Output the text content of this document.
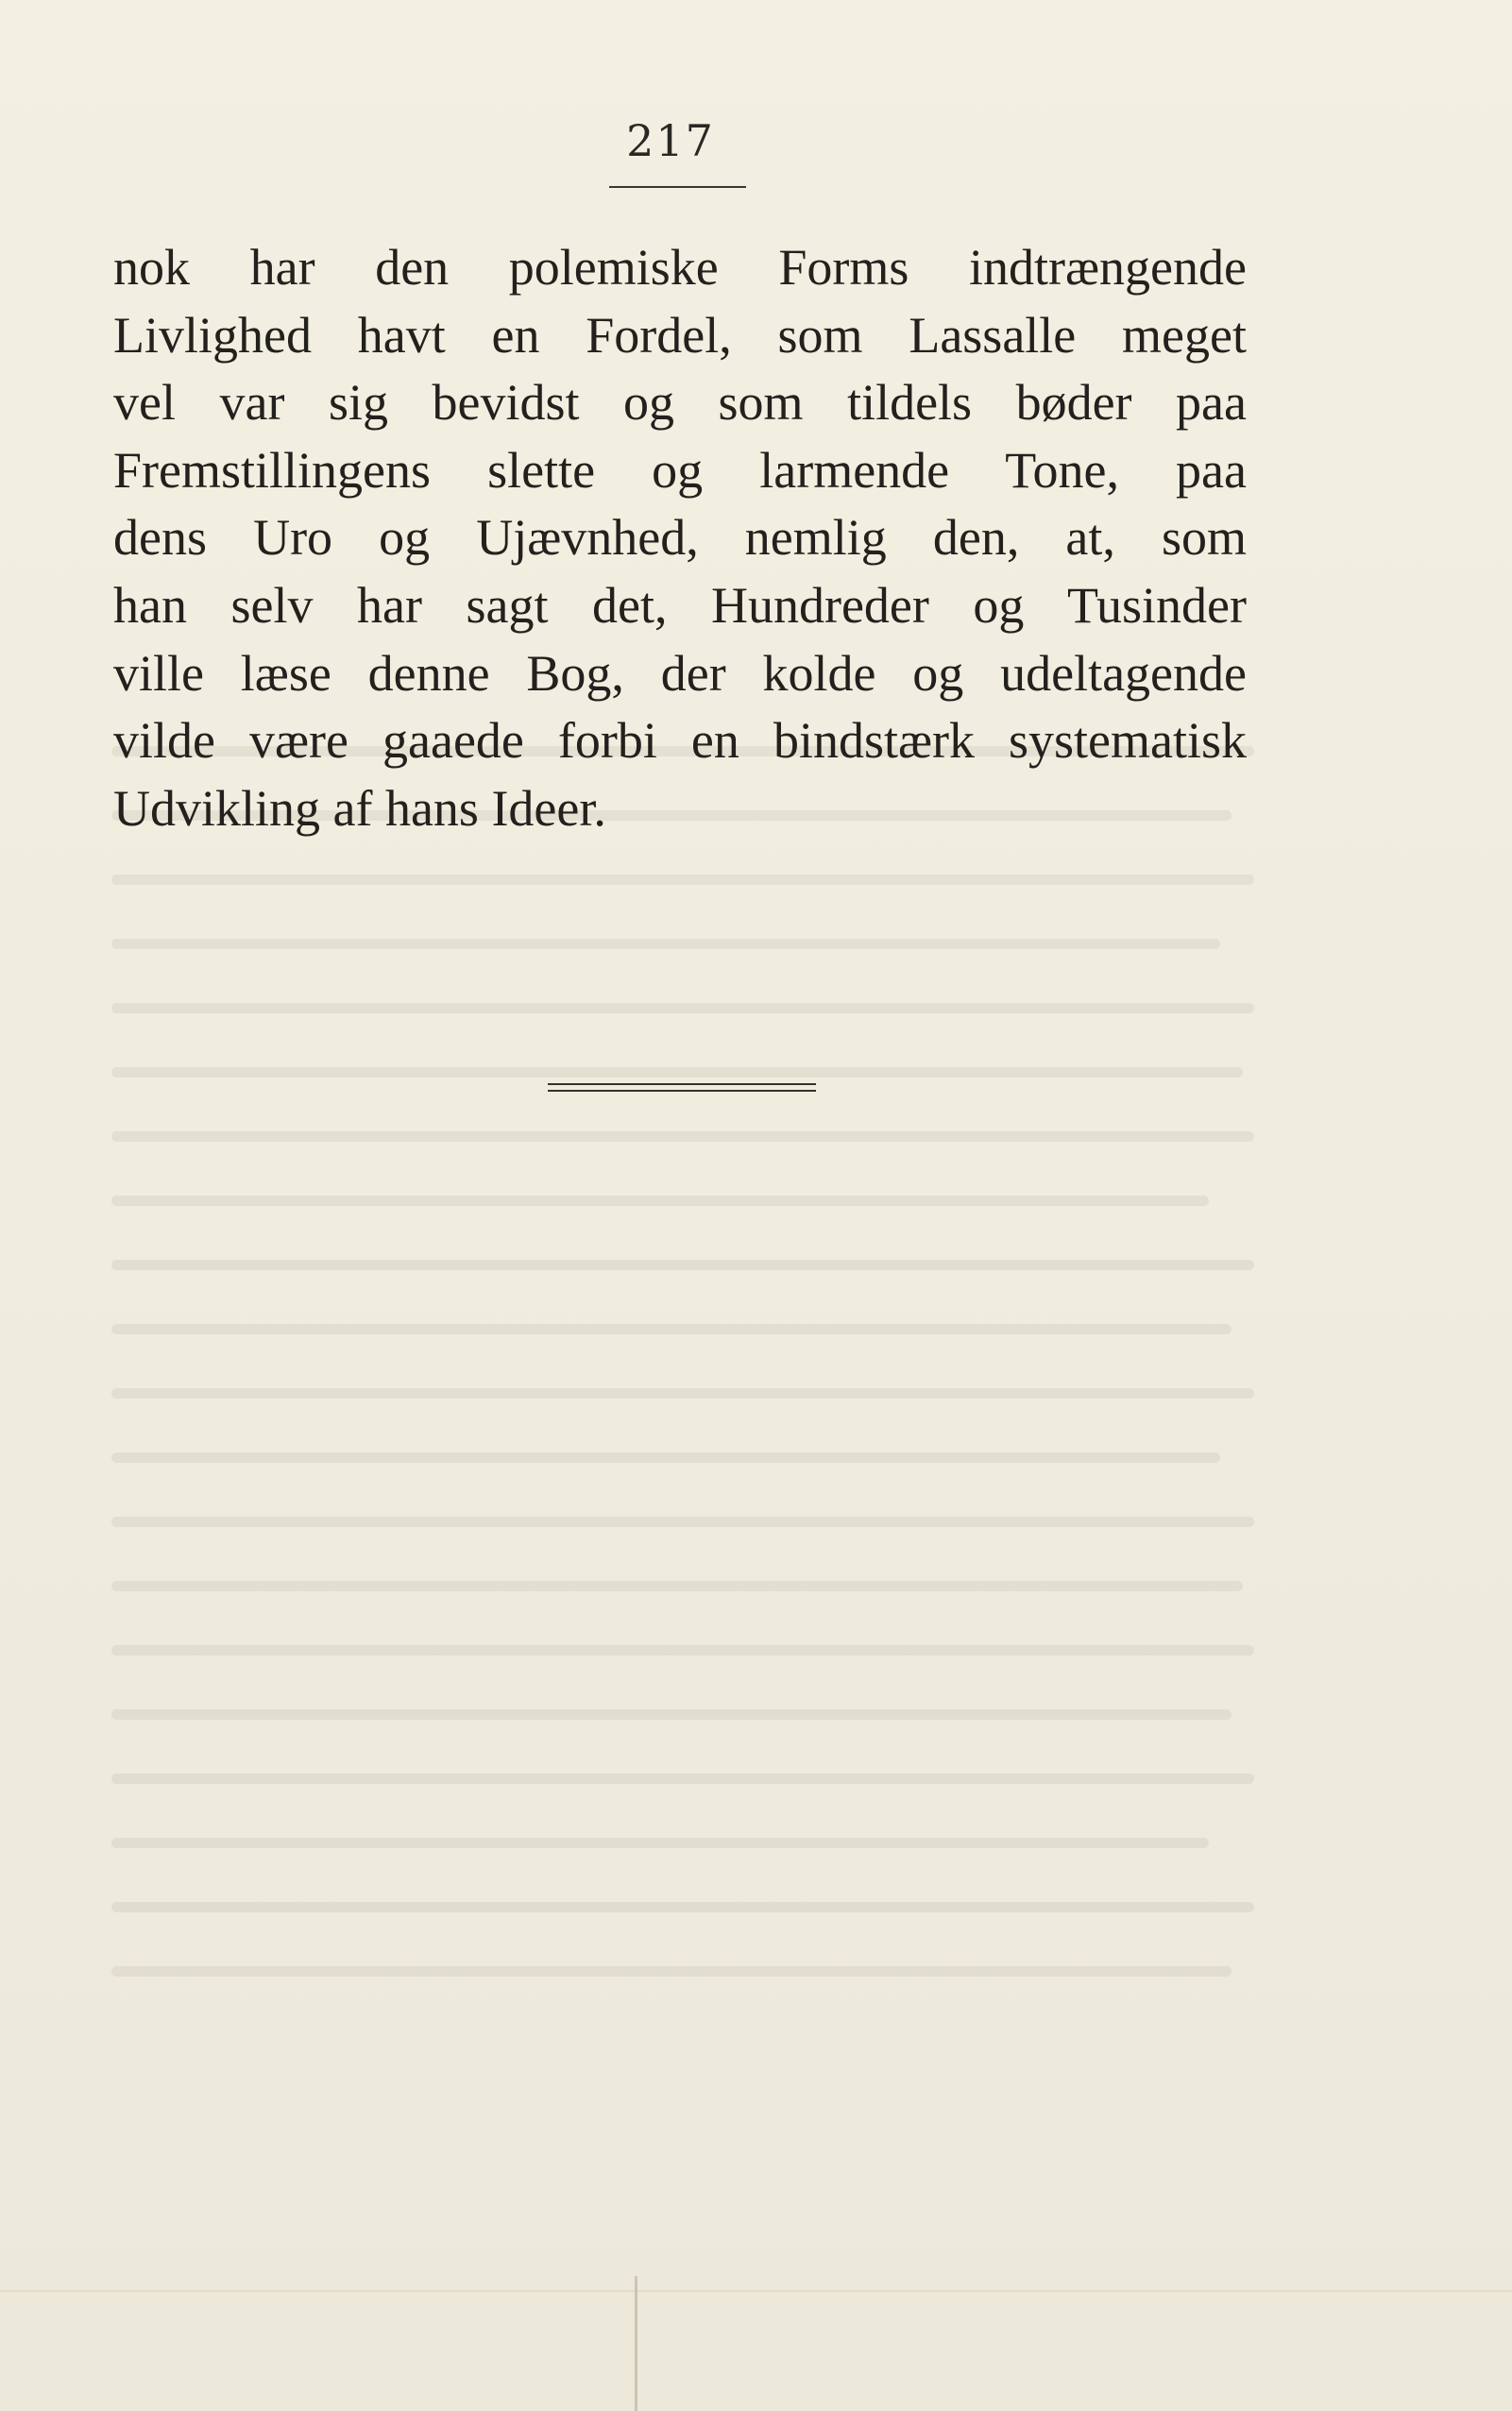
217

nok har den polemiske Forms indtrængende
Livlighed havt en Fordel, som Lassalle meget
vel var sig bevidst og som tildels bøder paa
Fremstillingens slette og larmende Tone, paa
dens Uro og Ujævnhed, nemlig den, at, som
han selv har sagt det, Hundreder og Tusinder
ville læse denne Bog, der kolde og udeltagende
vilde være gaaede forbi en bindstærk systematisk
Udvikling af hans Ideer.
